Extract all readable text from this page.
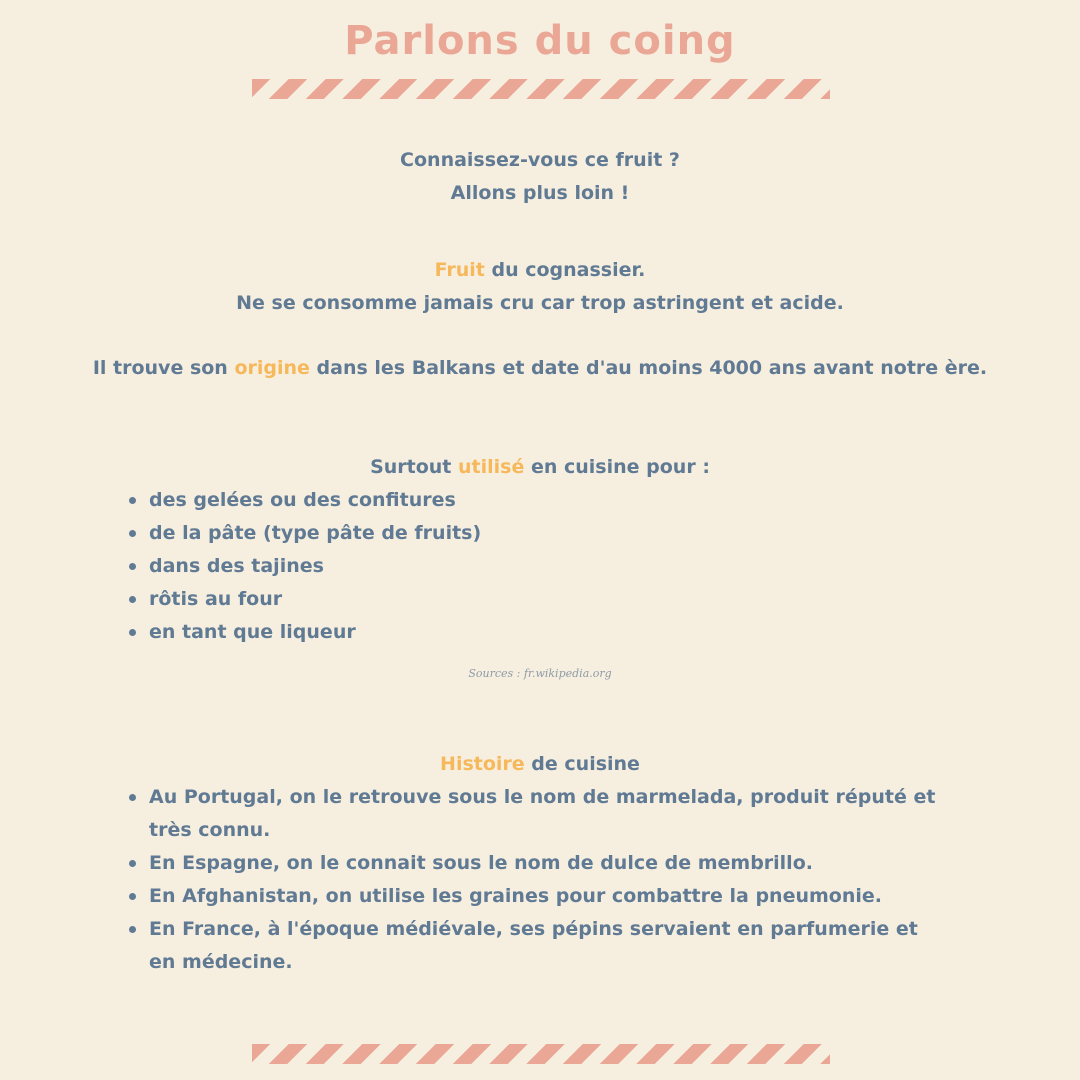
Parlons du coing
Connaissez-vous ce fruit ?
Allons plus loin !
Fruit du cognassier.
Ne se consomme jamais cru car trop astringent et acide.
Il trouve son origine dans les Balkans et date d'au moins 4000 ans avant notre ère.
Surtout utilisé en cuisine pour :
des gelées ou des confitures
de la pâte (type pâte de fruits)
dans des tajines
rôtis au four
en tant que liqueur
Sources : fr.wikipedia.org
Histoire de cuisine
Au Portugal, on le retrouve sous le nom de marmelada, produit réputé et très connu.
En Espagne, on le connait sous le nom de dulce de membrillo.
En Afghanistan, on utilise les graines pour combattre la pneumonie.
En France, à l'époque médiévale, ses pépins servaient en parfumerie et en médecine.
